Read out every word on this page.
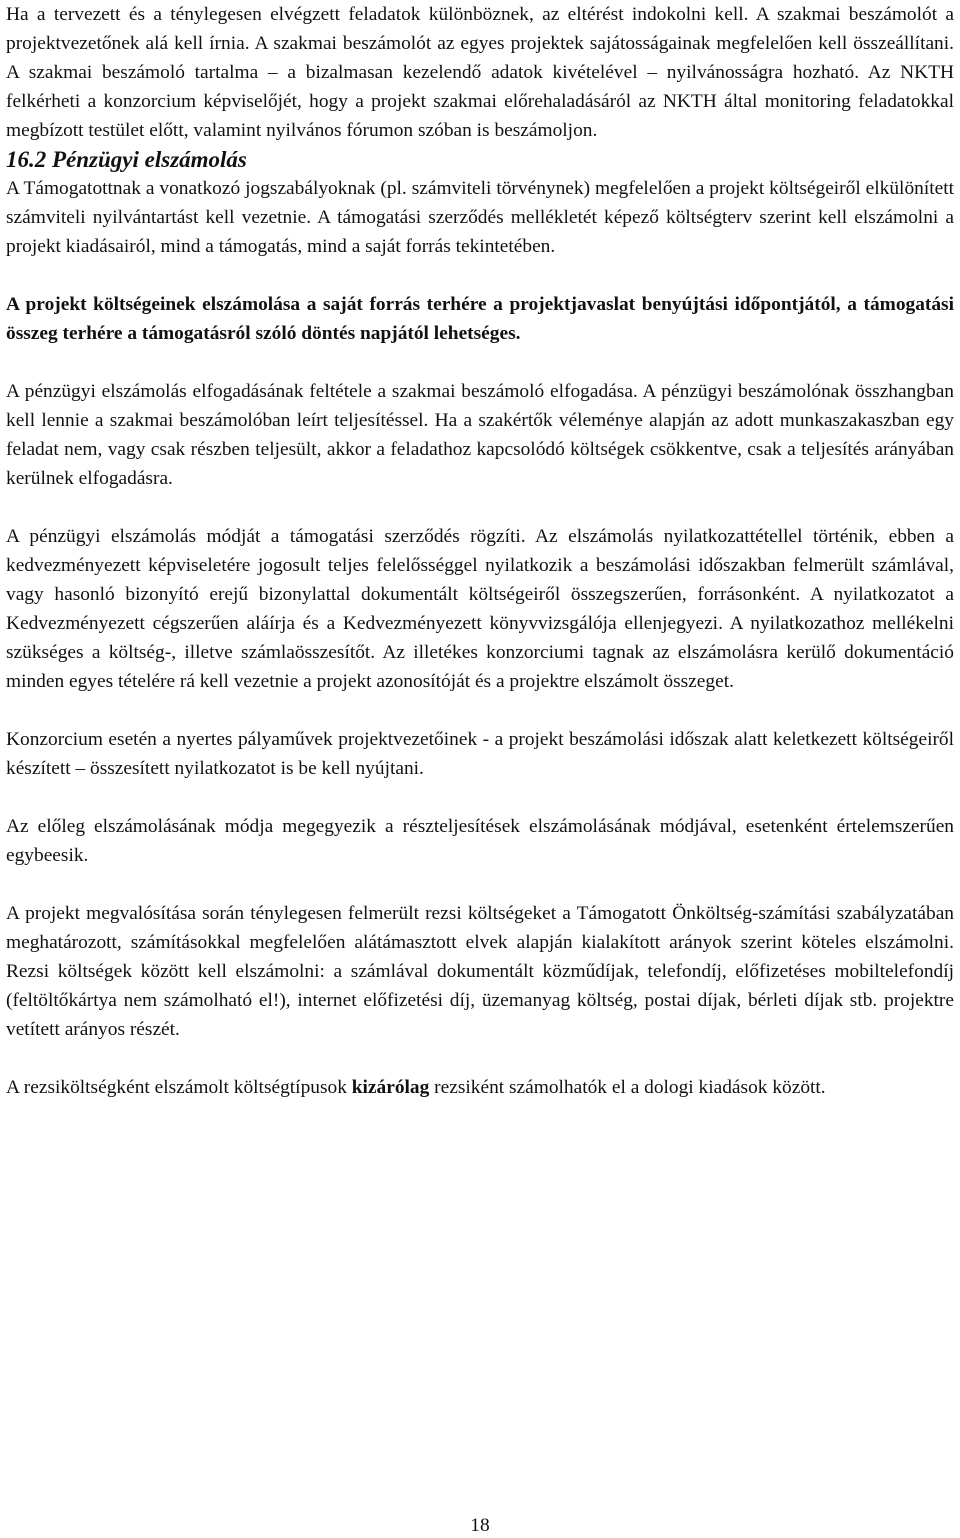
Ha a tervezett és a ténylegesen elvégzett feladatok különböznek, az eltérést indokolni kell. A szakmai beszámolót a projektvezetőnek alá kell írnia. A szakmai beszámolót az egyes projektek sajátosságainak megfelelően kell összeállítani. A szakmai beszámoló tartalma – a bizalmasan kezelendő adatok kivételével – nyilvánosságra hozható. Az NKTH felkérheti a konzorcium képviselőjét, hogy a projekt szakmai előrehaladásáról az NKTH által monitoring feladatokkal megbízott testület előtt, valamint nyilvános fórumon szóban is beszámoljon.

16.2 Pénzügyi elszámolás

A Támogatottnak a vonatkozó jogszabályoknak (pl. számviteli törvénynek) megfelelően a projekt költségeiről elkülönített számviteli nyilvántartást kell vezetnie. A támogatási szerződés mellékletét képező költségterv szerint kell elszámolni a projekt kiadásairól, mind a támogatás, mind a saját forrás tekintetében.

A projekt költségeinek elszámolása a saját forrás terhére a projektjavaslat benyújtási időpontjától, a támogatási összeg terhére a támogatásról szóló döntés napjától lehetséges.

A pénzügyi elszámolás elfogadásának feltétele a szakmai beszámoló elfogadása. A pénzügyi beszámolónak összhangban kell lennie a szakmai beszámolóban leírt teljesítéssel. Ha a szakértők véleménye alapján az adott munkaszakaszban egy feladat nem, vagy csak részben teljesült, akkor a feladathoz kapcsolódó költségek csökkentve, csak a teljesítés arányában kerülnek elfogadásra.

A pénzügyi elszámolás módját a támogatási szerződés rögzíti. Az elszámolás nyilatkozattétellel történik, ebben a kedvezményezett képviseletére jogosult teljes felelősséggel nyilatkozik a beszámolási időszakban felmerült számlával, vagy hasonló bizonyító erejű bizonylattal dokumentált költségeiről összegszerűen, forrásonként. A nyilatkozatot a Kedvezményezett cégszerűen aláírja és a Kedvezményezett könyvvizsgálója ellenjegyezi. A nyilatkozathoz mellékelni szükséges a költség-, illetve számlaösszesítőt. Az illetékes konzorciumi tagnak az elszámolásra kerülő dokumentáció minden egyes tételére rá kell vezetnie a projekt azonosítóját és a projektre elszámolt összeget.

Konzorcium esetén a nyertes pályaművek projektvezetőinek - a projekt beszámolási időszak alatt keletkezett költségeiről készített – összesített nyilatkozatot is be kell nyújtani.

Az előleg elszámolásának módja megegyezik a részteljesítések elszámolásának módjával, esetenként értelemszerűen egybeesik.

A projekt megvalósítása során ténylegesen felmerült rezsi költségeket a Támogatott Önköltség-számítási szabályzatában meghatározott, számításokkal megfelelően alátámasztott elvek alapján kialakított arányok szerint köteles elszámolni. Rezsi költségek között kell elszámolni: a számlával dokumentált közműdíjak, telefondíj, előfizetéses mobiltelefondíj (feltöltőkártya nem számolható el!), internet előfizetési díj, üzemanyag költség, postai díjak, bérleti díjak stb. projektre vetített arányos részét.

A rezsiköltségként elszámolt költségtípusok kizárólag rezsiként számolhatók el a dologi kiadások között.

18
